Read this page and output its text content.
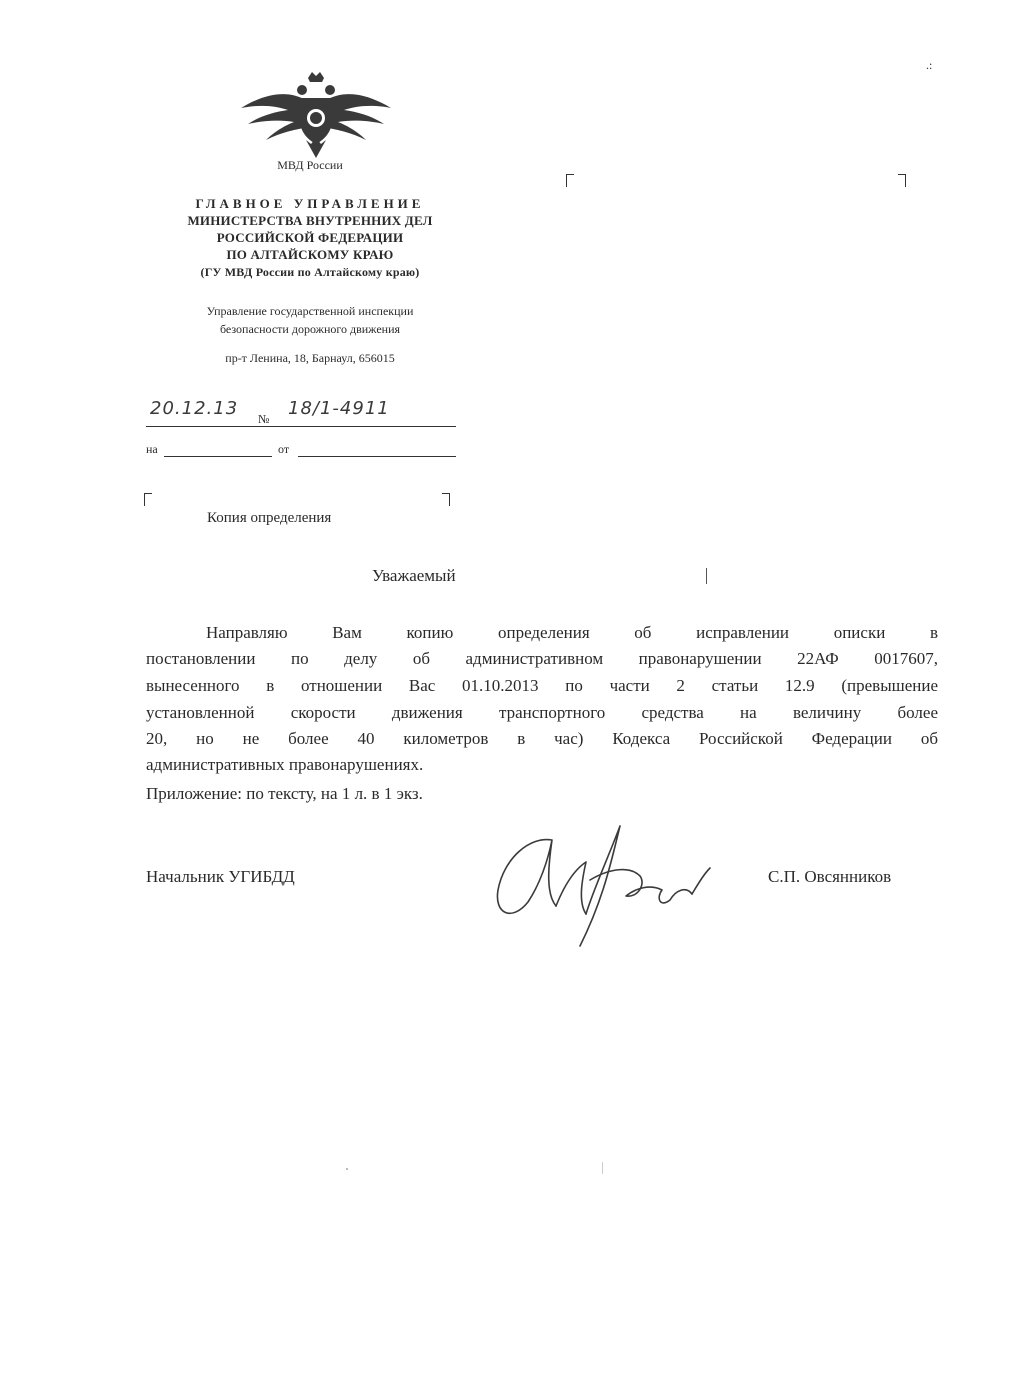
.:
МВД России
ГЛАВНОЕ УПРАВЛЕНИЕ
МИНИСТЕРСТВА ВНУТРЕННИХ ДЕЛ
РОССИЙСКОЙ ФЕДЕРАЦИИ
ПО АЛТАЙСКОМУ КРАЮ
(ГУ МВД России по Алтайскому краю)
Управление государственной инспекции
безопасности дорожного движения
пр-т Ленина, 18, Барнаул, 656015
20.12.13 № 18/1-4911
на	от
Копия определения
Уважаемый
Направляю Вам копию определения об исправлении описки в
постановлении по делу об административном правонарушении 22АФ 0017607,
вынесенного в отношении Вас 01.10.2013 по части 2 статьи 12.9 (превышение
установленной скорости движения транспортного средства на величину более
20, но не более 40 километров в час) Кодекса Российской Федерации об
административных правонарушениях.
Приложение: по тексту, на 1 л. в 1 экз.
Начальник УГИБДД	С.П. Овсянников
